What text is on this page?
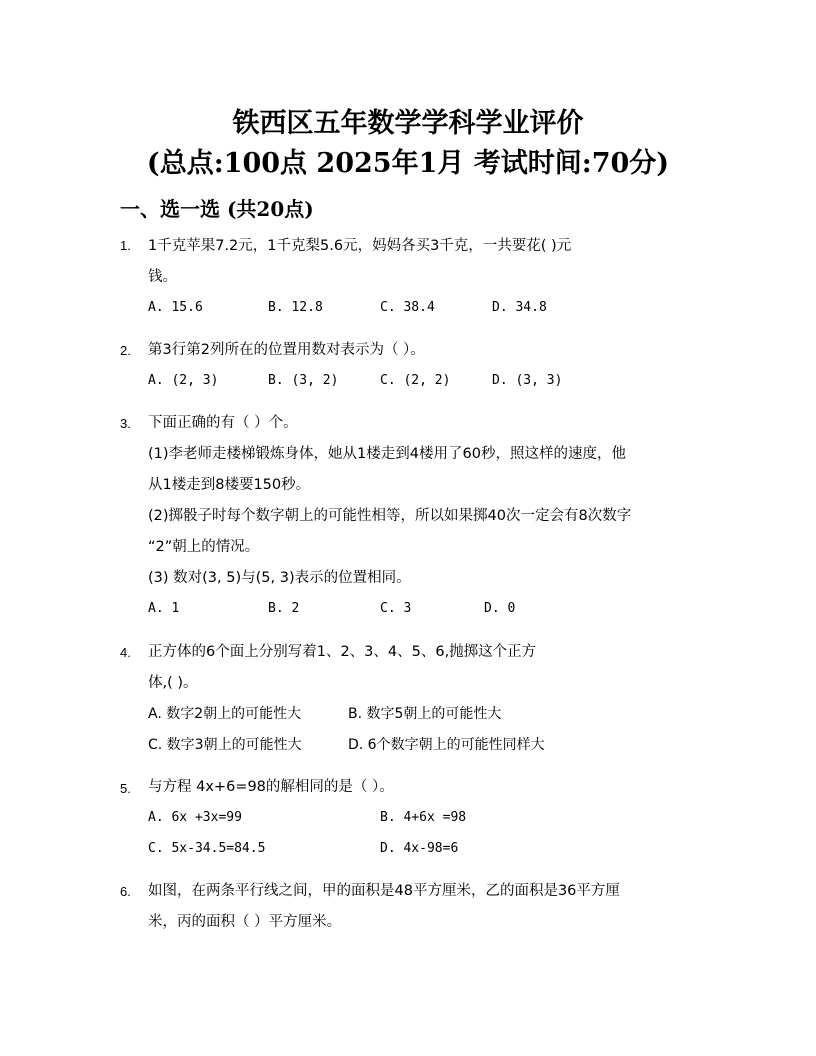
铁西区五年数学学科学业评价
(总点:100点 2025年1月 考试时间:70分)
一、选一选 (共20点)
1. 1千克苹果7.2元，1千克梨5.6元，妈妈各买3千克，一共要花( )元
钱。
A. 15.6	B. 12.8	C. 38.4	D. 34.8
2. 第3行第2列所在的位置用数对表示为（ ）。
A. (2, 3)	B. (3, 2)	C. (2, 2)	D. (3, 3)
3. 下面正确的有（ ）个。
(1)李老师走楼梯锻炼身体，她从1楼走到4楼用了60秒，照这样的速度，他
从1楼走到8楼要150秒。
(2)掷骰子时每个数字朝上的可能性相等，所以如果掷40次一定会有8次数字
“2”朝上的情况。
(3) 数对(3, 5)与(5, 3)表示的位置相同。
A. 1	B. 2	C. 3	D. 0
4. 正方体的6个面上分别写着1、2、3、4、5、6,抛掷这个正方
体,( )。
A. 数字2朝上的可能性大	B. 数字5朝上的可能性大
C. 数字3朝上的可能性大	D. 6个数字朝上的可能性同样大
5. 与方程 4x+6=98的解相同的是（ ）。
A. 6x +3x=99	B. 4+6x =98
C. 5x-34.5=84.5	D. 4x-98=6
6. 如图，在两条平行线之间，甲的面积是48平方厘米，乙的面积是36平方厘
米，丙的面积（ ）平方厘米。
